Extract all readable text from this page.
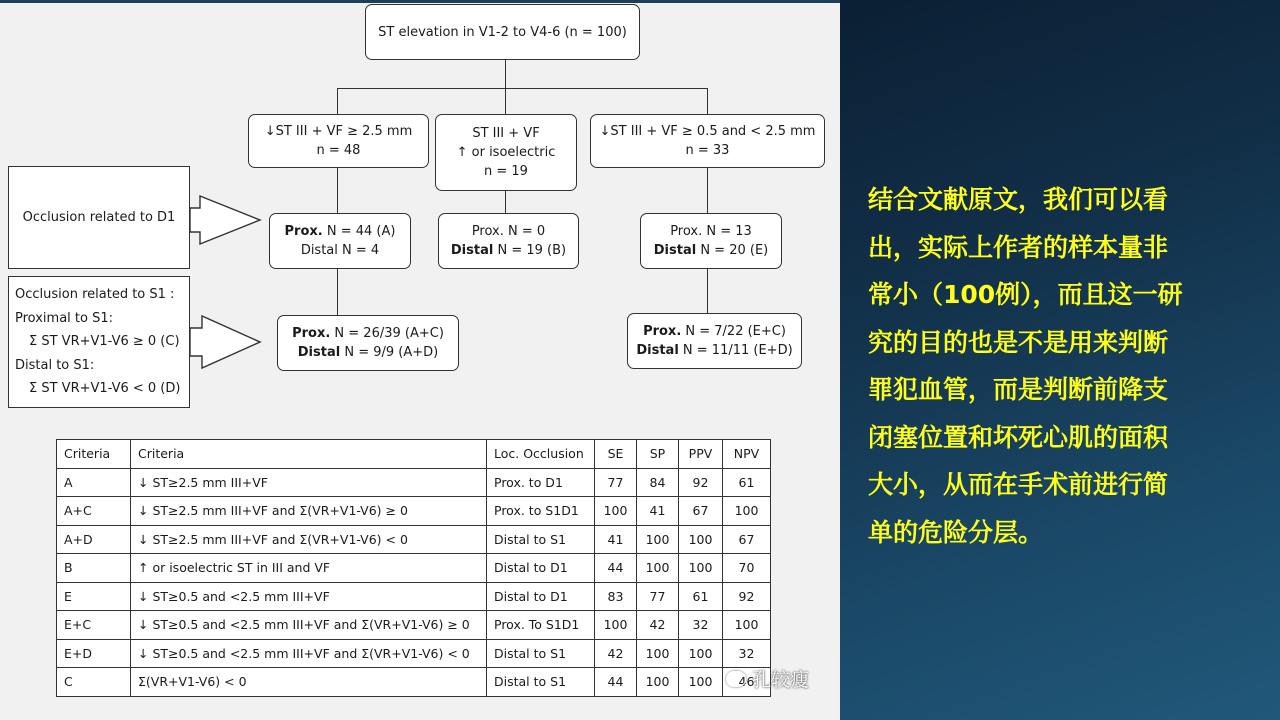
ST elevation in V1-2 to V4-6 (n = 100)
↓ST III + VF ≥ 2.5 mm
n = 48
ST III + VF
↑ or isoelectric
n = 19
↓ST III + VF ≥ 0.5 and < 2.5 mm
n = 33
Prox. N = 44 (A)
Distal N = 4
Prox. N = 0
Distal N = 19 (B)
Prox. N = 13
Distal N = 20 (E)
Prox. N = 26/39 (A+C)
Distal N = 9/9 (A+D)
Prox. N = 7/22 (E+C)
Distal N = 11/11 (E+D)
Occlusion related to D1
Occlusion related to S1 :
Proximal to S1:
Σ ST VR+V1-V6 ≥ 0 (C)
Distal to S1:
Σ ST VR+V1-V6 < 0 (D)
Criteria	Criteria	Loc. Occlusion	SE	SP	PPV	NPV
A	↓ ST≥2.5 mm III+VF	Prox. to D1	77	84	92	61
A+C	↓ ST≥2.5 mm III+VF and Σ(VR+V1-V6) ≥ 0	Prox. to S1D1	100	41	67	100
A+D	↓ ST≥2.5 mm III+VF and Σ(VR+V1-V6) < 0	Distal to S1	41	100	100	67
B	↑ or isoelectric ST in III and VF	Distal to D1	44	100	100	70
E	↓ ST≥0.5 and <2.5 mm III+VF	Distal to D1	83	77	61	92
E+C	↓ ST≥0.5 and <2.5 mm III+VF and Σ(VR+V1-V6) ≥ 0	Prox. To S1D1	100	42	32	100
E+D	↓ ST≥0.5 and <2.5 mm III+VF and Σ(VR+V1-V6) < 0	Distal to S1	42	100	100	32
C	Σ(VR+V1-V6) < 0	Distal to S1	44	100	100	46
孔较瘦
结合文献原文，我们可以看
出，实际上作者的样本量非
常小（100例），而且这一研
究的目的也是不是用来判断
罪犯血管，而是判断前降支
闭塞位置和坏死心肌的面积
大小，从而在手术前进行简
单的危险分层。
